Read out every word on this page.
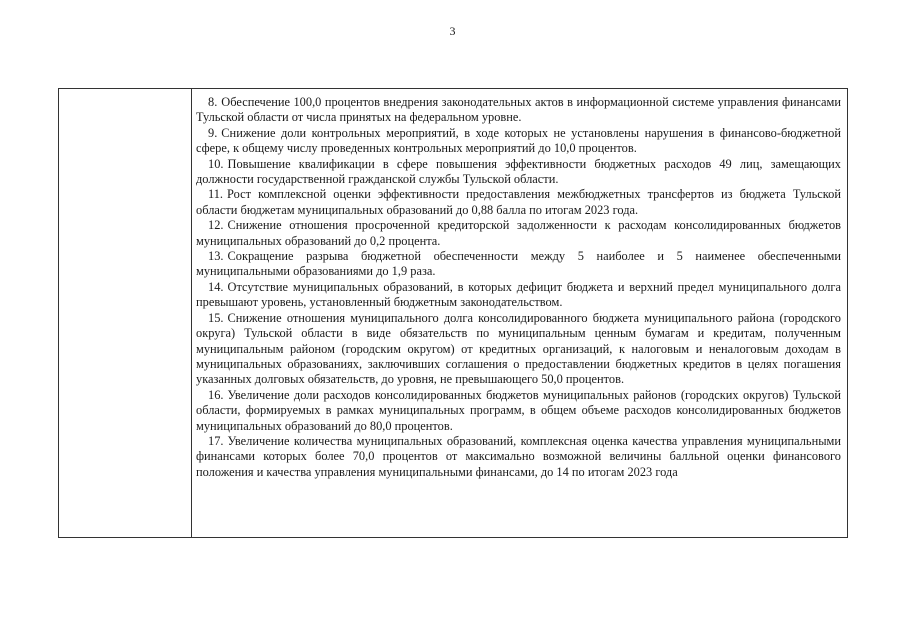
3

8. Обеспечение 100,0 процентов внедрения законодательных актов в информационной системе управления финансами Тульской области от числа принятых на федеральном уровне.

9. Снижение доли контрольных мероприятий, в ходе которых не установлены нарушения в финансово-бюджетной сфере, к общему числу проведенных контрольных мероприятий до 10,0 процентов.

10. Повышение квалификации в сфере повышения эффективности бюджетных расходов 49 лиц, замещающих должности государственной гражданской службы Тульской области.

11. Рост комплексной оценки эффективности предоставления межбюджетных трансфертов из бюджета Тульской области бюджетам муниципальных образований до 0,88 балла по итогам 2023 года.

12. Снижение отношения просроченной кредиторской задолженности к расходам консолидированных бюджетов муниципальных образований до 0,2 процента.

13. Сокращение разрыва бюджетной обеспеченности между 5 наиболее и 5 наименее обеспеченными муниципальными образованиями до 1,9 раза.

14. Отсутствие муниципальных образований, в которых дефицит бюджета и верхний предел муниципального долга превышают уровень, установленный бюджетным законодательством.

15. Снижение отношения муниципального долга консолидированного бюджета муниципального района (городского округа) Тульской области в виде обязательств по муниципальным ценным бумагам и кредитам, полученным муниципальным районом (городским округом) от кредитных организаций, к налоговым и неналоговым доходам в муниципальных образованиях, заключивших соглашения о предоставлении бюджетных кредитов в целях погашения указанных долговых обязательств, до уровня, не превышающего 50,0 процентов.

16. Увеличение доли расходов консолидированных бюджетов муниципальных районов (городских округов) Тульской области, формируемых в рамках муниципальных программ, в общем объеме расходов консолидированных бюджетов муниципальных образований до 80,0 процентов.

17. Увеличение количества муниципальных образований, комплексная оценка качества управления муниципальными финансами которых более 70,0 процентов от максимально возможной величины балльной оценки финансового положения и качества управления муниципальными финансами, до 14 по итогам 2023 года
